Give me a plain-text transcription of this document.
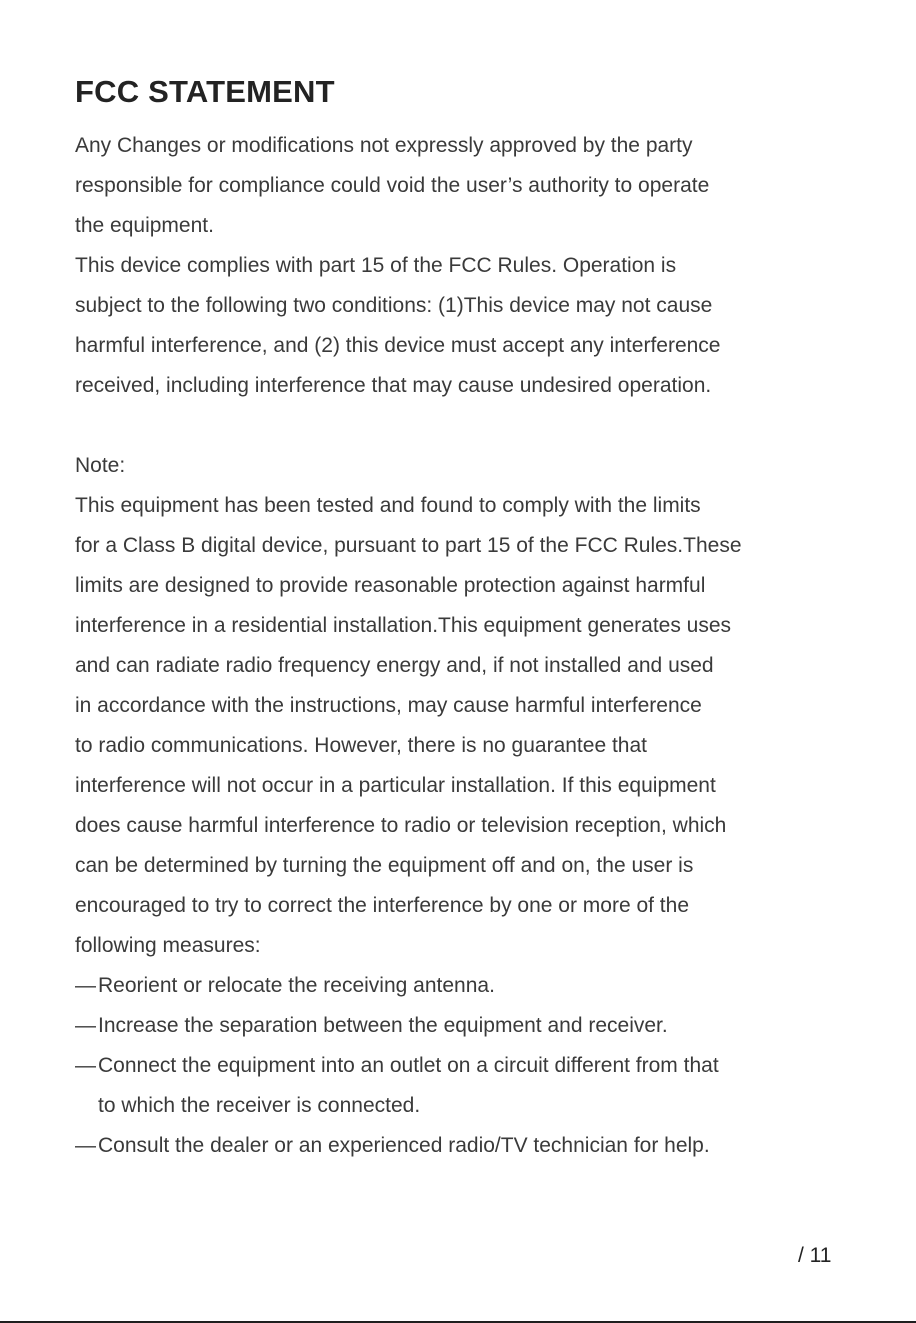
FCC STATEMENT
Any Changes or modifications not expressly approved by the party
responsible for compliance could void the user’s authority to operate
the equipment.
This device complies with part 15 of the FCC Rules. Operation is
subject to the following two conditions: (1)This device may not cause
harmful interference, and (2) this device must accept any interference
received, including interference that may cause undesired operation.
Note:
This equipment has been tested and found to comply with the limits
for a Class B digital device, pursuant to part 15 of the FCC Rules.These
limits are designed to provide reasonable protection against harmful
interference in a residential installation.This equipment generates uses
and can radiate radio frequency energy and, if not installed and used
in accordance with the instructions, may cause harmful interference
to radio communications. However, there is no guarantee that
interference will not occur in a particular installation. If this equipment
does cause harmful interference to radio or television reception, which
can be determined by turning the equipment off and on, the user is
encouraged to try to correct the interference by one or more of the
following measures:
— Reorient or relocate the receiving antenna.
— Increase the separation between the equipment and receiver.
— Connect the equipment into an outlet on a circuit different from that
to which the receiver is connected.
— Consult the dealer or an experienced radio/TV technician for help.
/ 11
